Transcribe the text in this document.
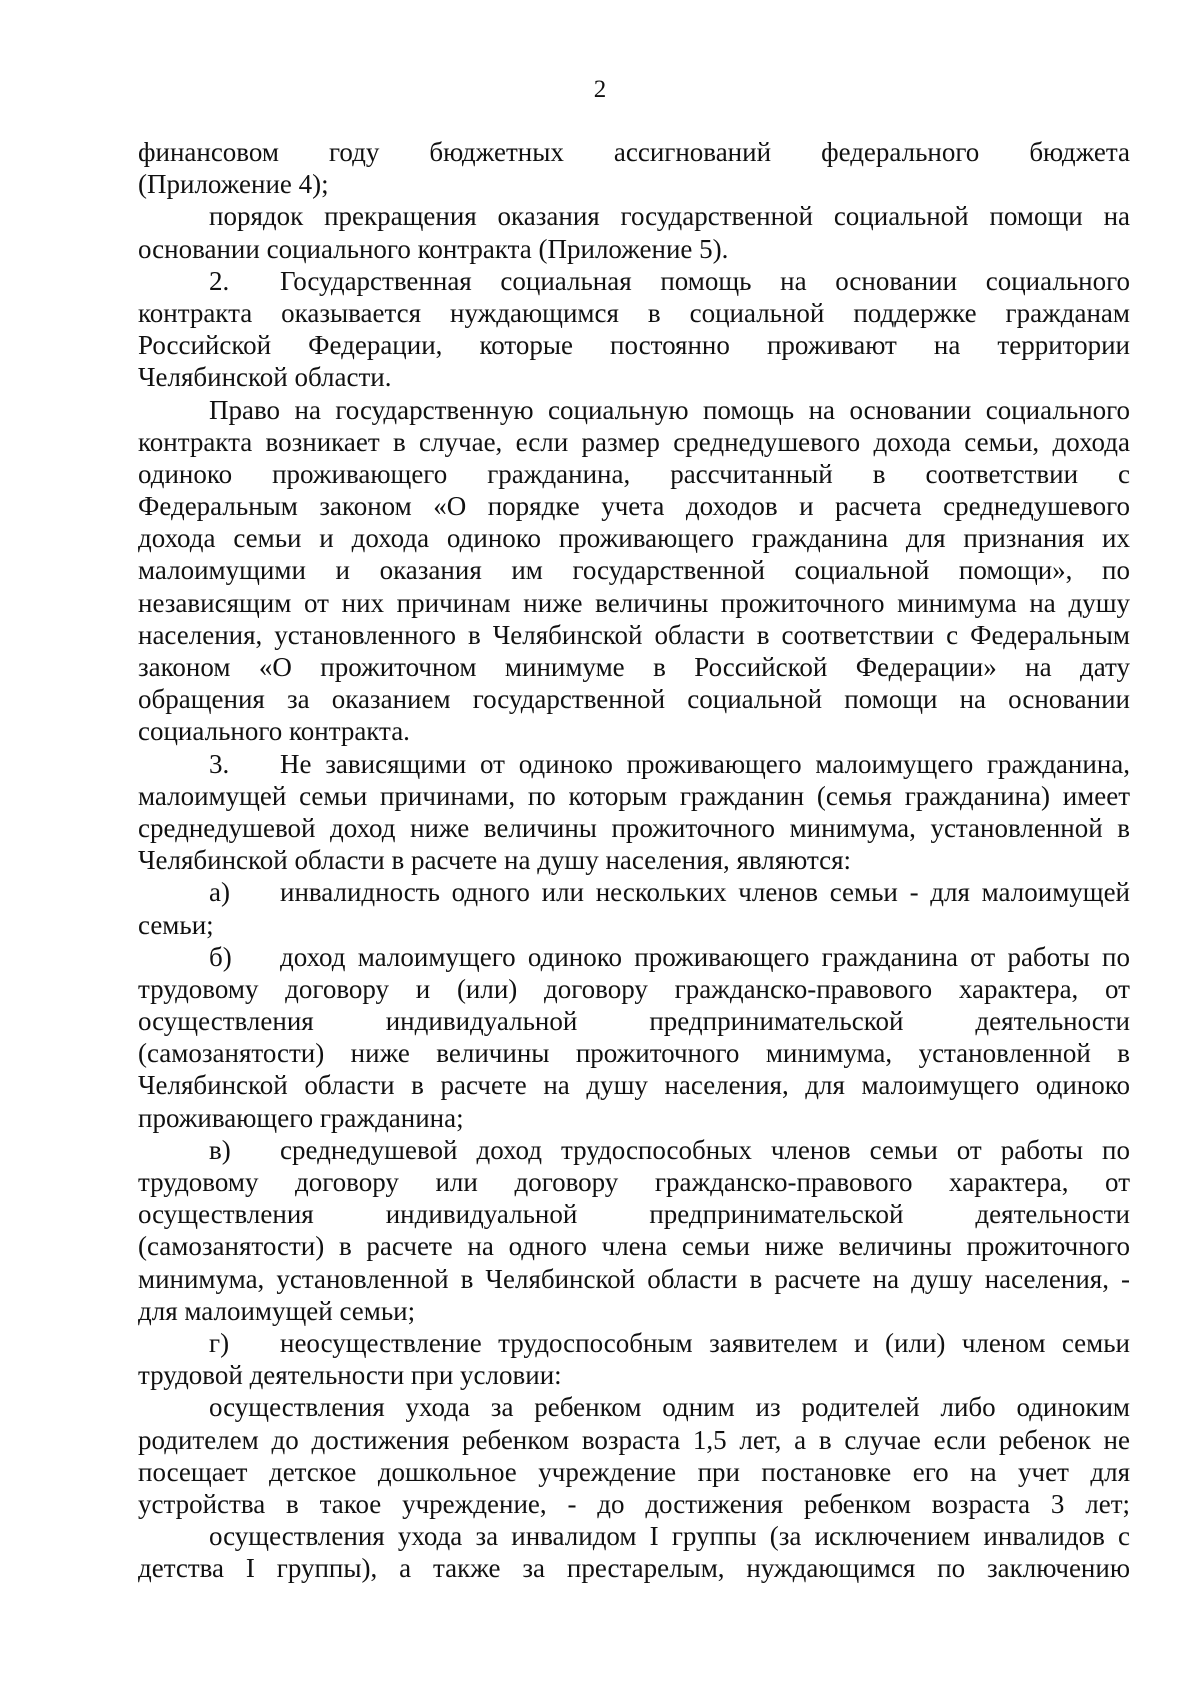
2
финансовом году бюджетных ассигнований федерального бюджета
(Приложение 4);
порядок прекращения оказания государственной социальной помощи на
основании социального контракта (Приложение 5).
2.	Государственная социальная помощь на основании социального
контракта оказывается нуждающимся в социальной поддержке гражданам
Российской Федерации, которые постоянно проживают на территории
Челябинской области.
Право на государственную социальную помощь на основании социального
контракта возникает в случае, если размер среднедушевого дохода семьи, дохода
одиноко проживающего гражданина, рассчитанный в соответствии с
Федеральным законом «О порядке учета доходов и расчета среднедушевого
дохода семьи и дохода одиноко проживающего гражданина для признания их
малоимущими и оказания им государственной социальной помощи», по
независящим от них причинам ниже величины прожиточного минимума на душу
населения, установленного в Челябинской области в соответствии с Федеральным
законом «О прожиточном минимуме в Российской Федерации» на дату
обращения за оказанием государственной социальной помощи на основании
социального контракта.
3.	Не зависящими от одиноко проживающего малоимущего гражданина,
малоимущей семьи причинами, по которым гражданин (семья гражданина) имеет
среднедушевой доход ниже величины прожиточного минимума, установленной в
Челябинской области в расчете на душу населения, являются:
а)	инвалидность одного или нескольких членов семьи - для малоимущей
семьи;
б)	доход малоимущего одиноко проживающего гражданина от работы по
трудовому договору и (или) договору гражданско-правового характера, от
осуществления индивидуальной предпринимательской деятельности
(самозанятости) ниже величины прожиточного минимума, установленной в
Челябинской области в расчете на душу населения, для малоимущего одиноко
проживающего гражданина;
в)	среднедушевой доход трудоспособных членов семьи от работы по
трудовому договору или договору гражданско-правового характера, от
осуществления индивидуальной предпринимательской деятельности
(самозанятости) в расчете на одного члена семьи ниже величины прожиточного
минимума, установленной в Челябинской области в расчете на душу населения, -
для малоимущей семьи;
г)	неосуществление трудоспособным заявителем и (или) членом семьи
трудовой деятельности при условии:
осуществления ухода за ребенком одним из родителей либо одиноким
родителем до достижения ребенком возраста 1,5 лет, а в случае если ребенок не
посещает детское дошкольное учреждение при постановке его на учет для
устройства в такое учреждение, - до достижения ребенком возраста 3 лет;
осуществления ухода за инвалидом I группы (за исключением инвалидов с
детства I группы), а также за престарелым, нуждающимся по заключению
